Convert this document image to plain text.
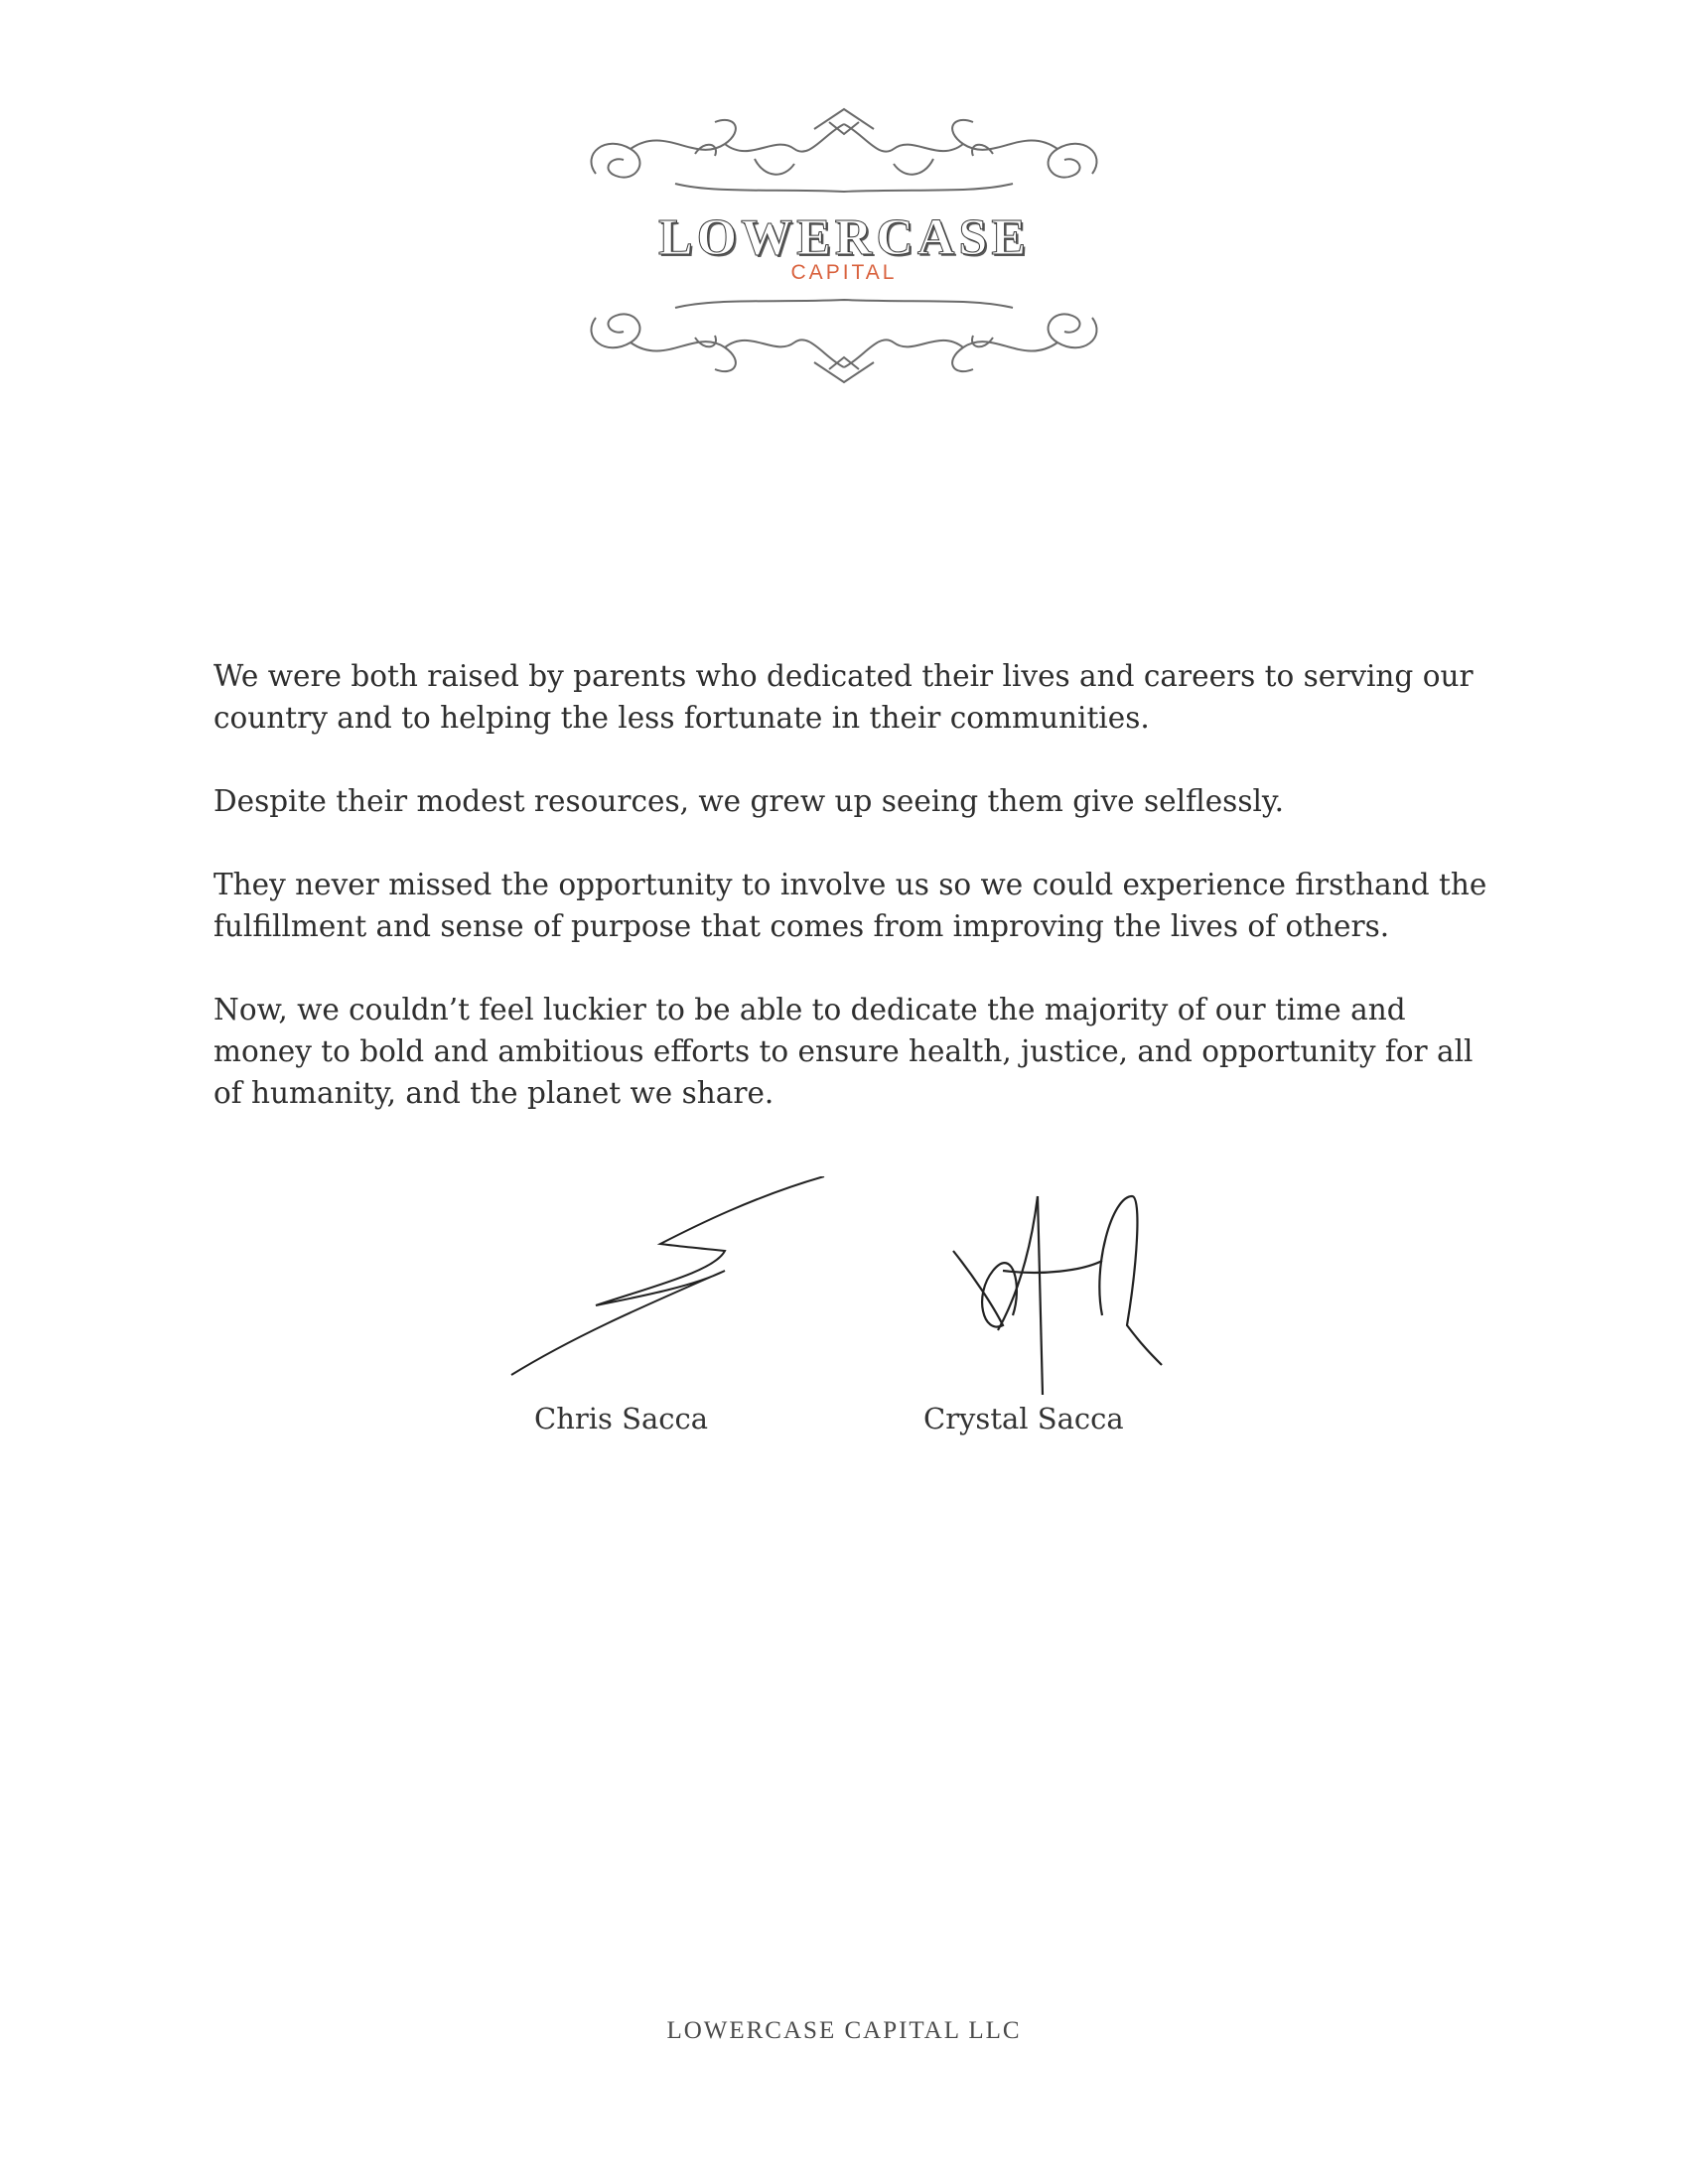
LOWERCASE
CAPITAL

We were both raised by parents who dedicated their lives and careers to serving our country and to helping the less fortunate in their communities.

Despite their modest resources, we grew up seeing them give selflessly.

They never missed the opportunity to involve us so we could experience firsthand the fulfillment and sense of purpose that comes from improving the lives of others.

Now, we couldn’t feel luckier to be able to dedicate the majority of our time and money to bold and ambitious efforts to ensure health, justice, and opportunity for all of humanity, and the planet we share.

Chris Sacca	Crystal Sacca
LOWERCASE CAPITAL LLC
